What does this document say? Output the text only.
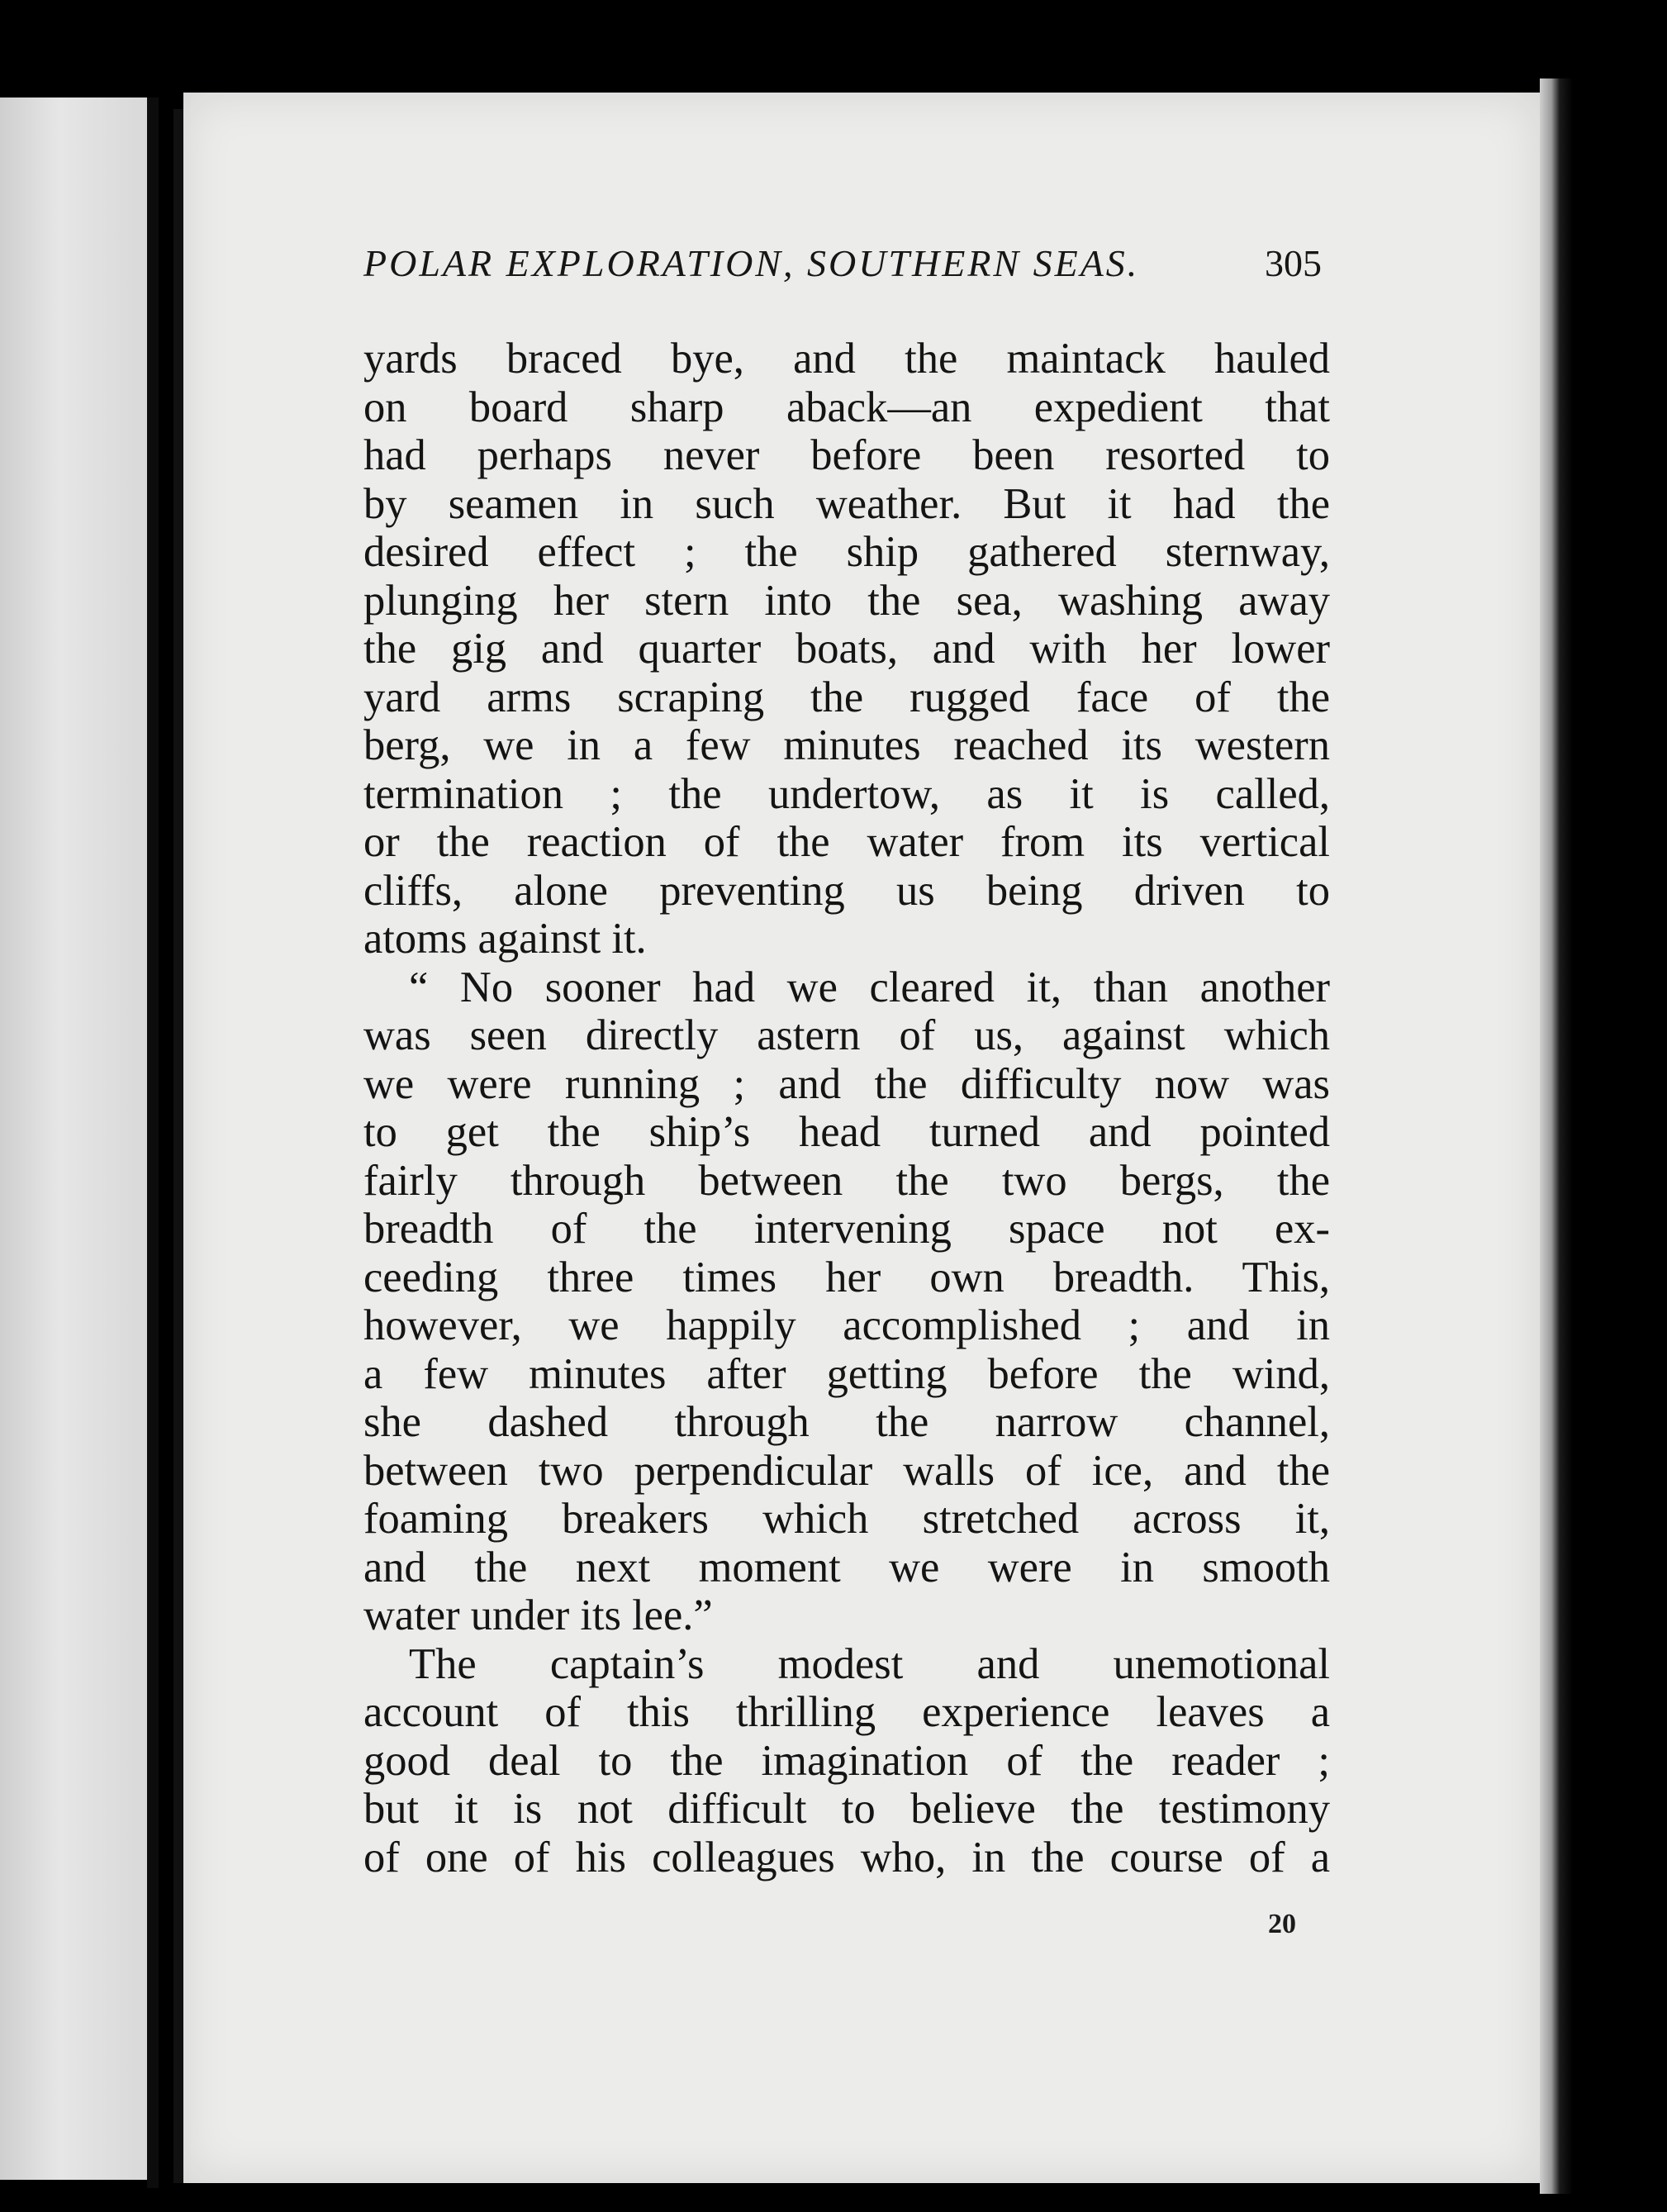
POLAR EXPLORATION, SOUTHERN SEAS.	305
yards braced bye, and the maintack hauled
on board sharp aback—an expedient that
had perhaps never before been resorted to
by seamen in such weather. But it had the
desired effect ; the ship gathered sternway,
plunging her stern into the sea, washing away
the gig and quarter boats, and with her lower
yard arms scraping the rugged face of the
berg, we in a few minutes reached its western
termination ; the undertow, as it is called,
or the reaction of the water from its vertical
cliffs, alone preventing us being driven to
atoms against it.
“ No sooner had we cleared it, than another
was seen directly astern of us, against which
we were running ; and the difficulty now was
to get the ship’s head turned and pointed
fairly through between the two bergs, the
breadth of the intervening space not ex-
ceeding three times her own breadth. This,
however, we happily accomplished ; and in
a few minutes after getting before the wind,
she dashed through the narrow channel,
between two perpendicular walls of ice, and the
foaming breakers which stretched across it,
and the next moment we were in smooth
water under its lee.”
The captain’s modest and unemotional
account of this thrilling experience leaves a
good deal to the imagination of the reader ;
but it is not difficult to believe the testimony
of one of his colleagues who, in the course of a
20
